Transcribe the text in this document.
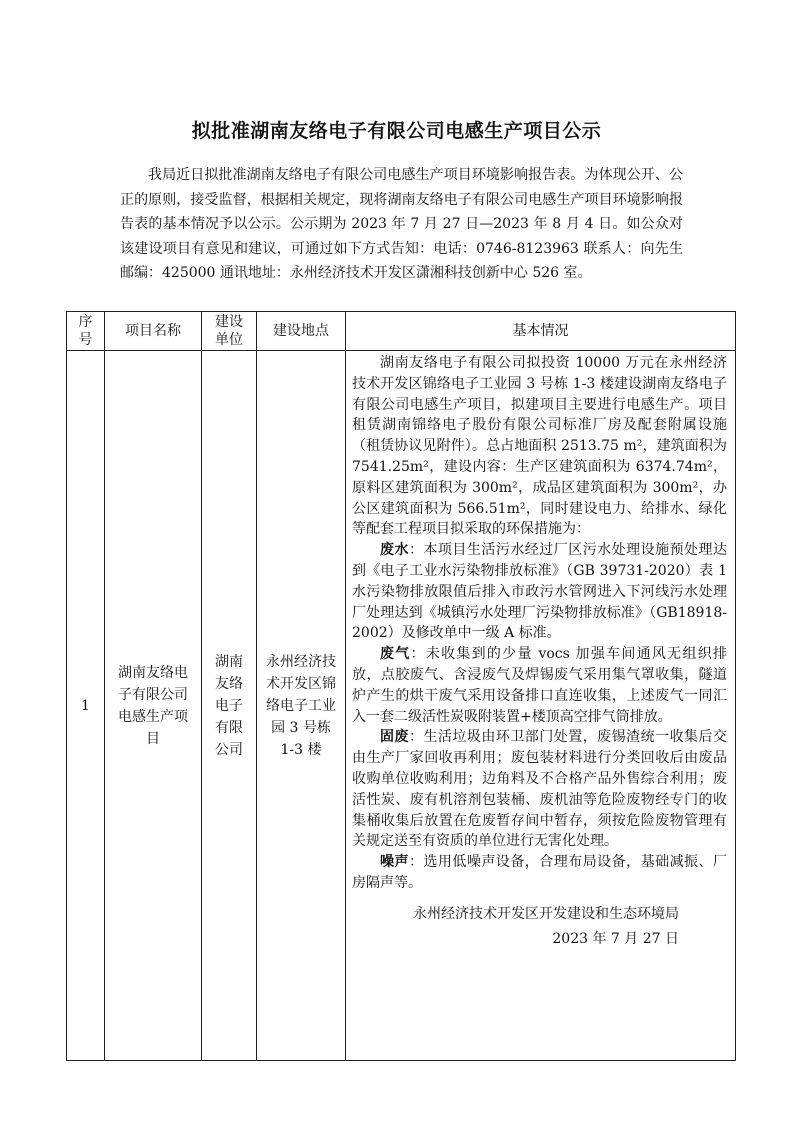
拟批准湖南友络电子有限公司电感生产项目公示
我局近日拟批准湖南友络电子有限公司电感生产项目环境影响报告表。为体现公开、公正的原则，接受监督，根据相关规定，现将湖南友络电子有限公司电感生产项目环境影响报告表的基本情况予以公示。公示期为 2023 年 7 月 27 日—2023 年 8 月 4 日。如公众对该建设项目有意见和建议，可通过如下方式告知：电话：0746-8123963 联系人：向先生 邮编：425000 通讯地址：永州经济技术开发区潇湘科技创新中心 526 室。
序号	项目名称	建设单位	建设地点	基本情况
1	湖南友络电子有限公司电感生产项目	湖南友络电子有限公司	永州经济技术开发区锦络电子工业园 3 号栋 1-3 楼	湖南友络电子有限公司拟投资 10000 万元在永州经济技术开发区锦络电子工业园 3 号栋 1-3 楼建设湖南友络电子有限公司电感生产项目，拟建项目主要进行电感生产。项目租赁湖南锦络电子股份有限公司标准厂房及配套附属设施（租赁协议见附件）。总占地面积 2513.75 m²，建筑面积为 7541.25m²，建设内容：生产区建筑面积为 6374.74m²，原料区建筑面积为 300m²，成品区建筑面积为 300m²，办公区建筑面积为 566.51m²，同时建设电力、给排水、绿化等配套工程项目拟采取的环保措施为：

废水：本项目生活污水经过厂区污水处理设施预处理达到《电子工业水污染物排放标准》（GB 39731-2020）表 1 水污染物排放限值后排入市政污水管网进入下河线污水处理厂处理达到《城镇污水处理厂污染物排放标准》（GB18918-2002）及修改单中一级 A 标准。

废气：未收集到的少量 vocs 加强车间通风无组织排放，点胶废气、含浸废气及焊锡废气采用集气罩收集，隧道炉产生的烘干废气采用设备排口直连收集，上述废气一同汇入一套二级活性炭吸附装置+楼顶高空排气筒排放。

固废：生活垃圾由环卫部门处置，废锡渣统一收集后交由生产厂家回收再利用；废包装材料进行分类回收后由废品收购单位收购利用；边角料及不合格产品外售综合利用；废活性炭、废有机溶剂包装桶、废机油等危险废物经专门的收集桶收集后放置在危废暂存间中暂存，须按危险废物管理有关规定送至有资质的单位进行无害化处理。

噪声：选用低噪声设备，合理布局设备，基础减振、厂房隔声等。

永州经济技术开发区开发建设和生态环境局
2023 年 7 月 27 日
